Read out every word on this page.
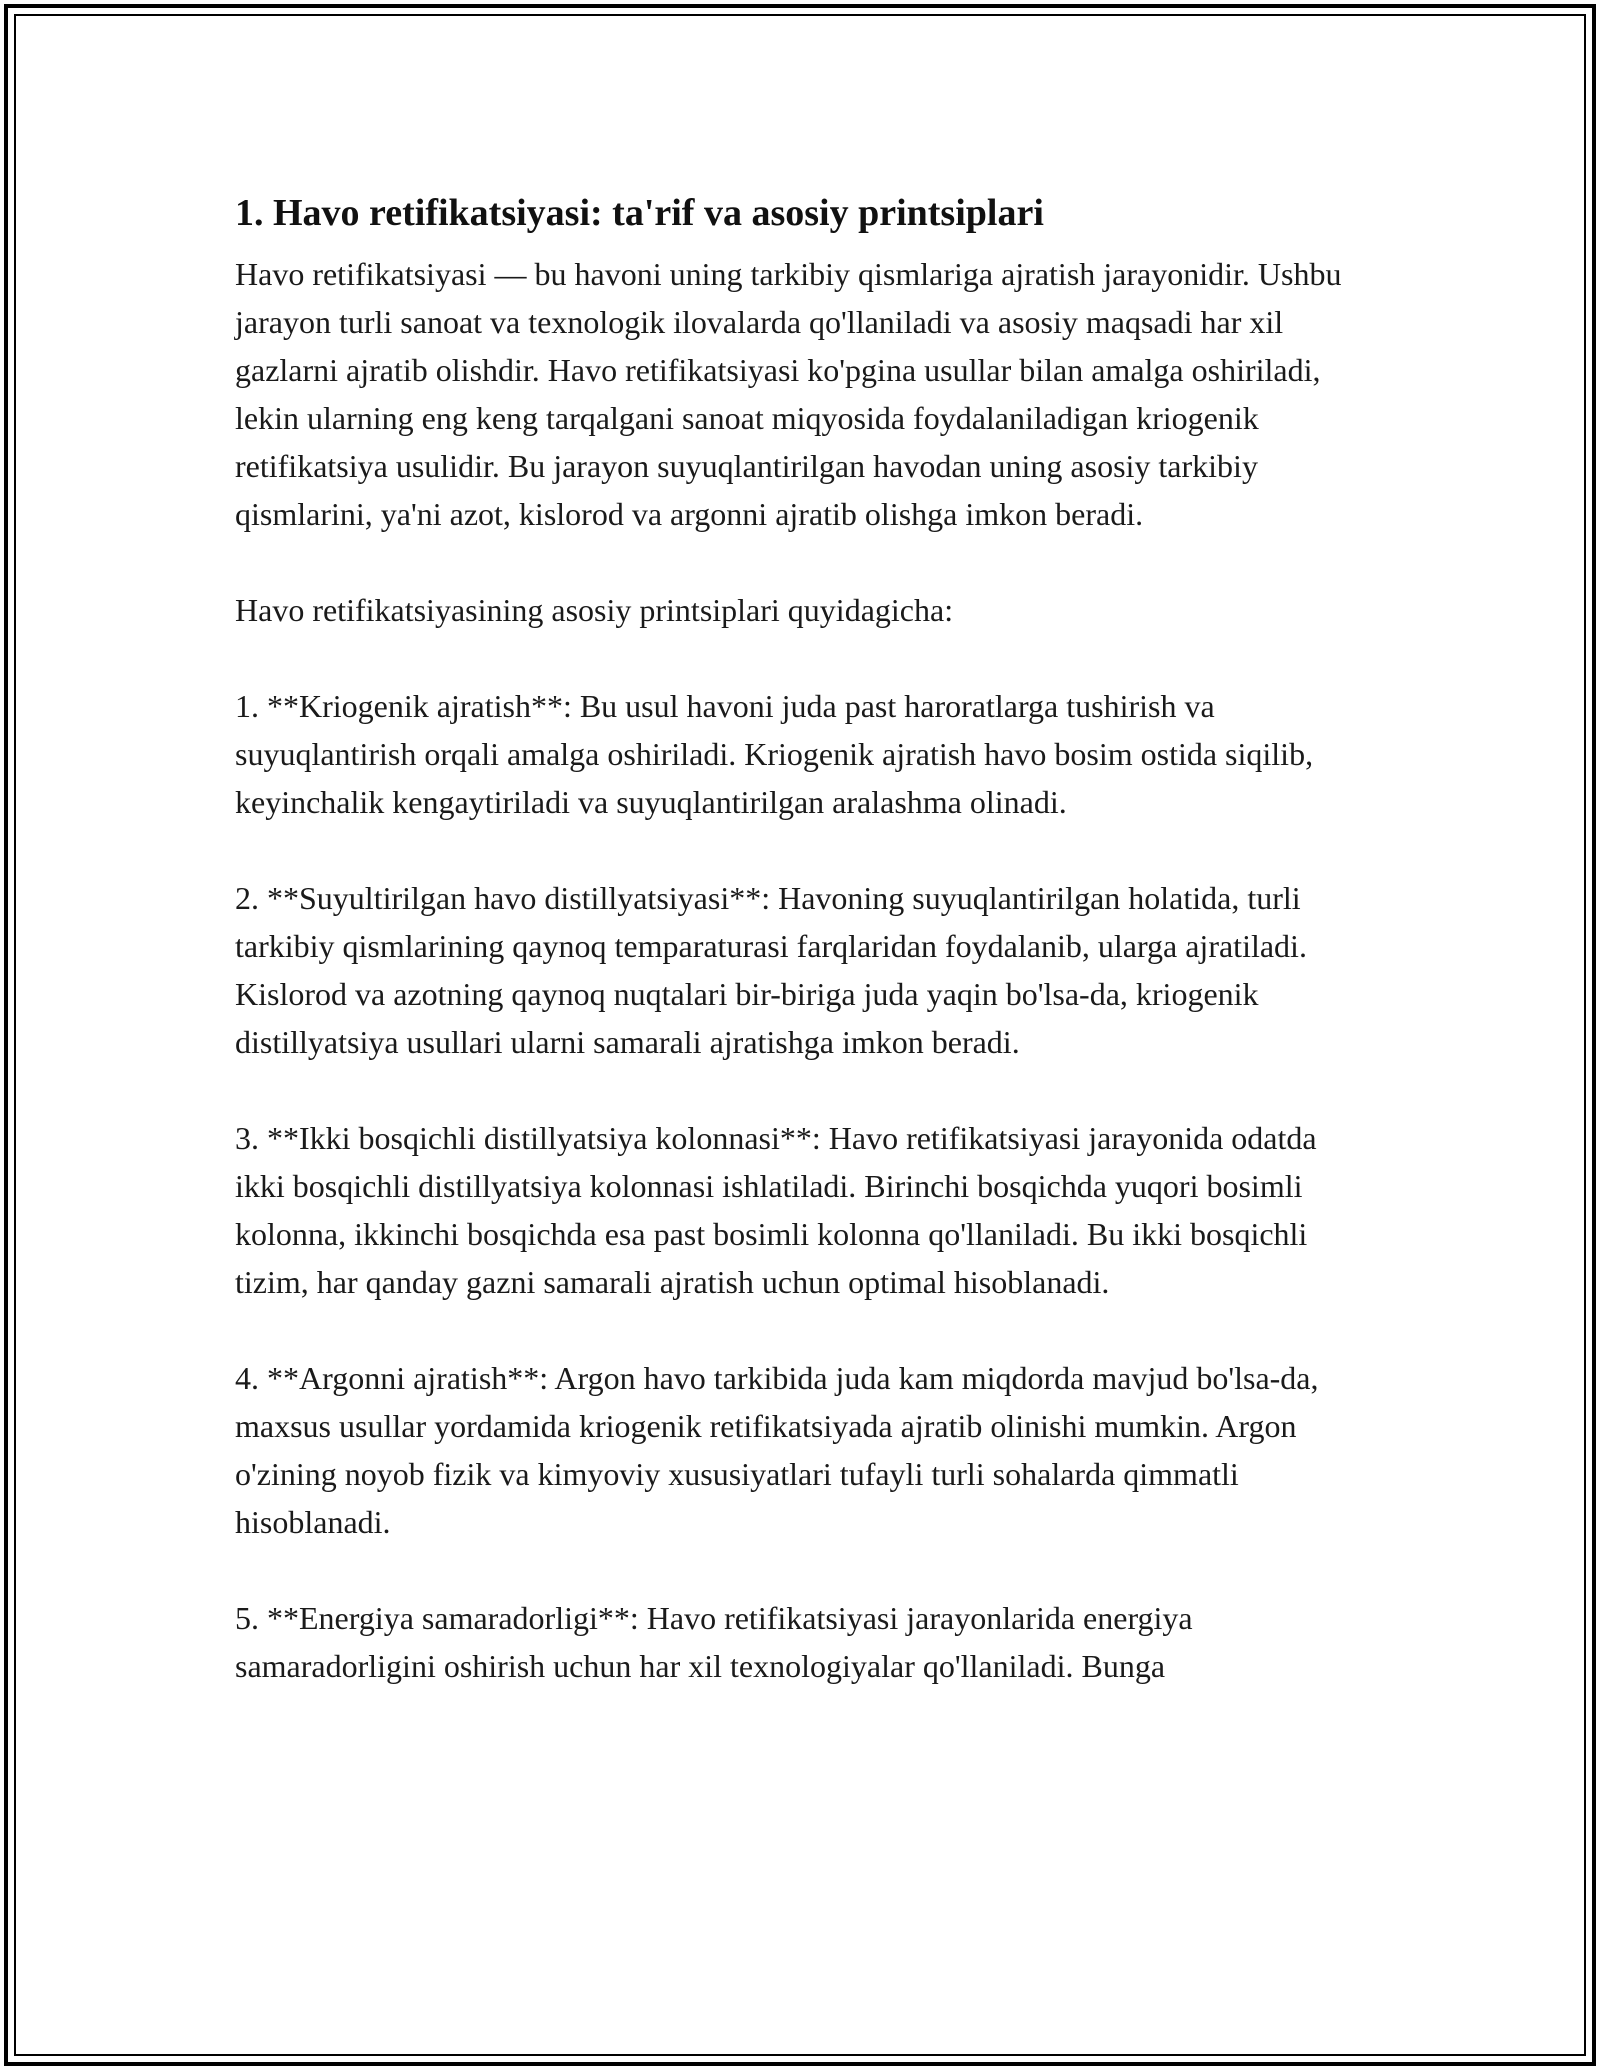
1. Havo retifikatsiyasi: ta'rif va asosiy printsiplari

Havo retifikatsiyasi — bu havoni uning tarkibiy qismlariga ajratish jarayonidir. Ushbu jarayon turli sanoat va texnologik ilovalarda qo'llaniladi va asosiy maqsadi har xil gazlarni ajratib olishdir. Havo retifikatsiyasi ko'pgina usullar bilan amalga oshiriladi, lekin ularning eng keng tarqalgani sanoat miqyosida foydalaniladigan kriogenik retifikatsiya usulidir. Bu jarayon suyuqlantirilgan havodan uning asosiy tarkibiy qismlarini, ya'ni azot, kislorod va argonni ajratib olishga imkon beradi.

Havo retifikatsiyasining asosiy printsiplari quyidagicha:

1. **Kriogenik ajratish**: Bu usul havoni juda past haroratlarga tushirish va suyuqlantirish orqali amalga oshiriladi. Kriogenik ajratish havo bosim ostida siqilib, keyinchalik kengaytiriladi va suyuqlantirilgan aralashma olinadi.

2. **Suyultirilgan havo distillyatsiyasi**: Havoning suyuqlantirilgan holatida, turli tarkibiy qismlarining qaynoq temparaturasi farqlaridan foydalanib, ularga ajratiladi. Kislorod va azotning qaynoq nuqtalari bir-biriga juda yaqin bo'lsa-da, kriogenik distillyatsiya usullari ularni samarali ajratishga imkon beradi.

3. **Ikki bosqichli distillyatsiya kolonnasi**: Havo retifikatsiyasi jarayonida odatda ikki bosqichli distillyatsiya kolonnasi ishlatiladi. Birinchi bosqichda yuqori bosimli kolonna, ikkinchi bosqichda esa past bosimli kolonna qo'llaniladi. Bu ikki bosqichli tizim, har qanday gazni samarali ajratish uchun optimal hisoblanadi.

4. **Argonni ajratish**: Argon havo tarkibida juda kam miqdorda mavjud bo'lsa-da, maxsus usullar yordamida kriogenik retifikatsiyada ajratib olinishi mumkin. Argon o'zining noyob fizik va kimyoviy xususiyatlari tufayli turli sohalarda qimmatli hisoblanadi.

5. **Energiya samaradorligi**: Havo retifikatsiyasi jarayonlarida energiya samaradorligini oshirish uchun har xil texnologiyalar qo'llaniladi. Bunga
